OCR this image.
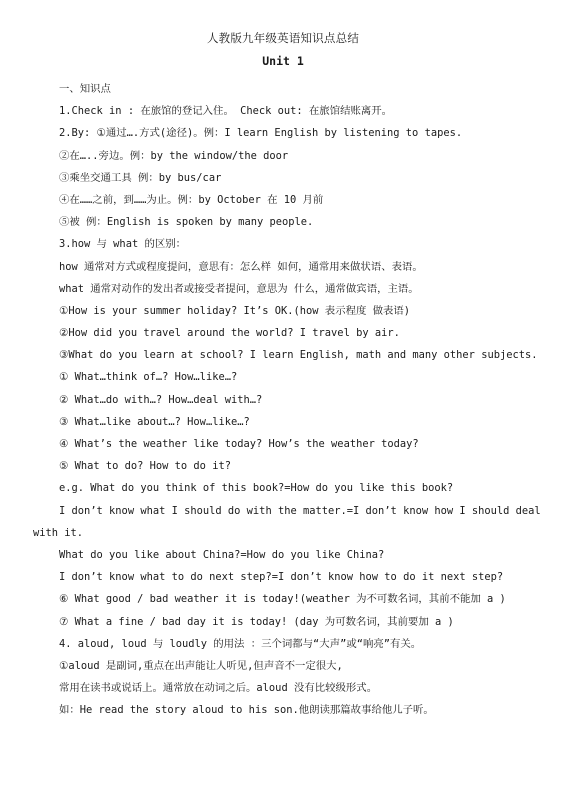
人教版九年级英语知识点总结
Unit 1
一、知识点
1.Check in : 在旅馆的登记入住。 Check out: 在旅馆结账离开。
2.By: ①通过….方式(途径)。例：I learn English by listening to tapes.
②在…..旁边。例：by the window/the door
③乘坐交通工具 例：by bus/car
④在……之前，到……为止。例：by October 在 10 月前
⑤被 例：English is spoken by many people.
3.how 与 what 的区别：
how 通常对方式或程度提问，意思有：怎么样 如何，通常用来做状语、表语。
what 通常对动作的发出者或接受者提问，意思为 什么，通常做宾语，主语。
①How is your summer holiday? It’s OK.(how 表示程度 做表语)
②How did you travel around the world? I travel by air.
③What do you learn at school? I learn English, math and many other subjects.
① What…think of…? How…like…?
② What…do with…? How…deal with…?
③ What…like about…? How…like…?
④ What’s the weather like today? How’s the weather today?
⑤ What to do? How to do it?
e.g. What do you think of this book?=How do you like this book?
I don’t know what I should do with the matter.=I don’t know how I should deal
with it.
What do you like about China?=How do you like China?
I don’t know what to do next step?=I don’t know how to do it next step?
⑥ What good / bad weather it is today!(weather 为不可数名词，其前不能加 a )
⑦ What a fine / bad day it is today! (day 为可数名词，其前要加 a )
4. aloud, loud 与 loudly 的用法 ：三个词都与“大声”或“响亮”有关。
①aloud 是副词,重点在出声能让人听见,但声音不一定很大,
常用在读书或说话上。通常放在动词之后。aloud 没有比较级形式。
如：He read the story aloud to his son.他朗读那篇故事给他儿子听。
